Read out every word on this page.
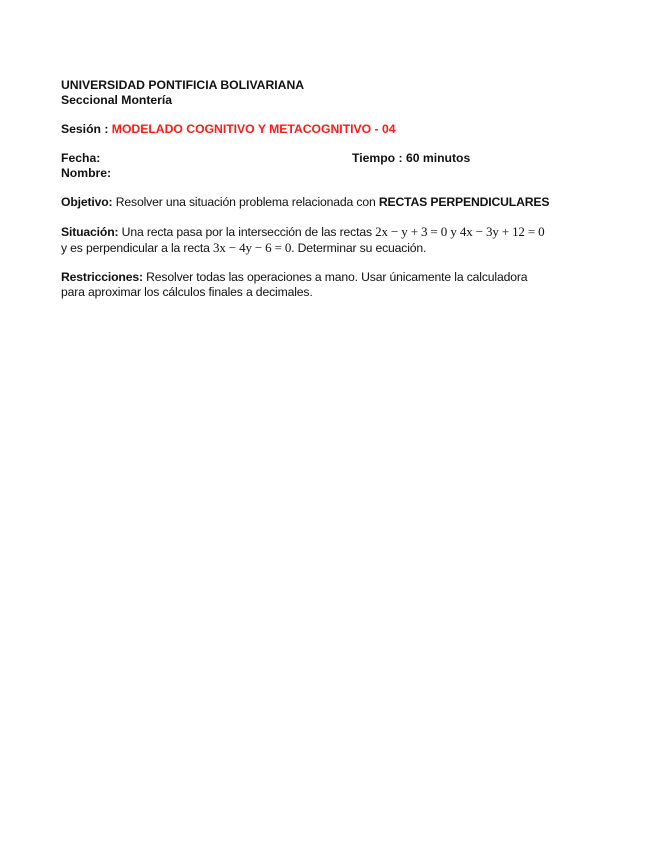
UNIVERSIDAD PONTIFICIA BOLIVARIANA

Seccional Montería

Sesión : MODELADO COGNITIVO Y METACOGNITIVO - 04

Fecha:	Tiempo : 60 minutos

Nombre:

Objetivo: Resolver una situación problema relacionada con RECTAS PERPENDICULARES

Situación: Una recta pasa por la intersección de las rectas 2x − y + 3 = 0 y 4x − 3y + 12 = 0
y es perpendicular a la recta 3x − 4y − 6 = 0. Determinar su ecuación.

Restricciones: Resolver todas las operaciones a mano. Usar únicamente la calculadora
para aproximar los cálculos finales a decimales.
